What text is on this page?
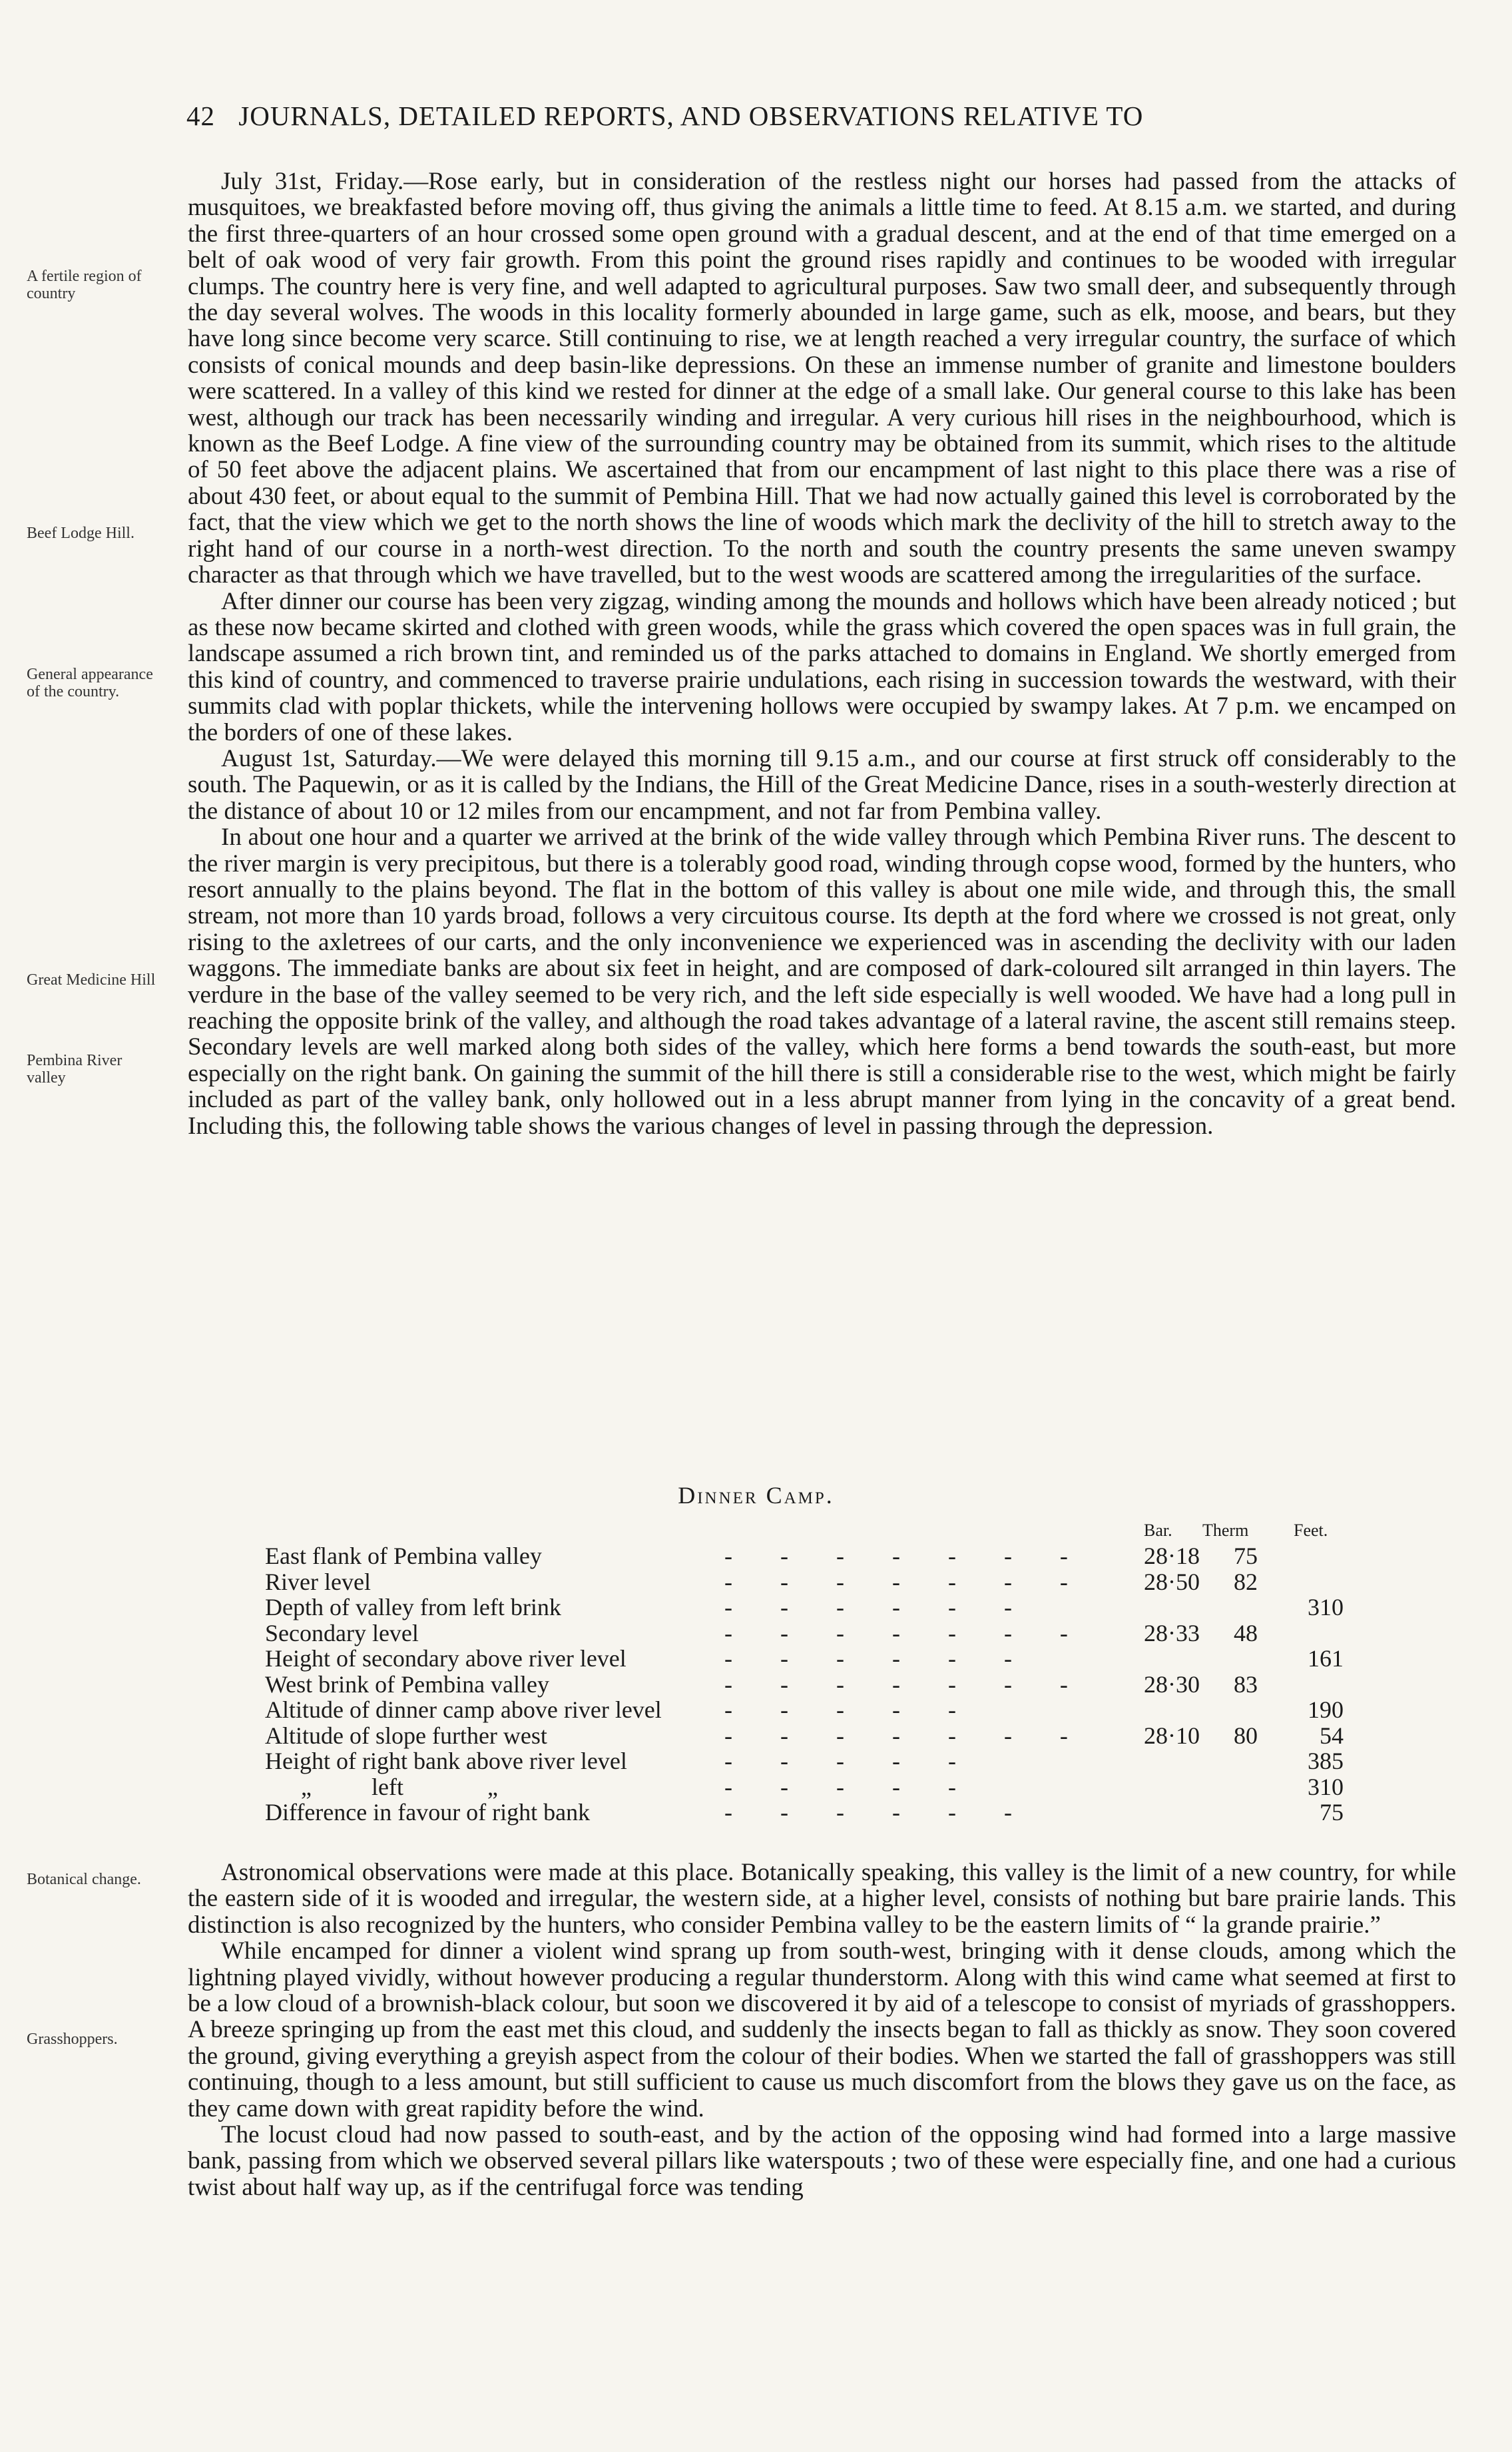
42 JOURNALS, DETAILED REPORTS, AND OBSERVATIONS RELATIVE TO
A fertile region of country
Beef Lodge Hill.
General appearance of the country.
Great Medicine Hill
Pembina River valley
Botanical change.
Grasshoppers.

July 31st, Friday.—Rose early, but in consideration of the restless night our horses had passed from the attacks of musquitoes, we breakfasted before moving off, thus giving the animals a little time to feed. At 8.15 a.m. we started, and during the first three-quarters of an hour crossed some open ground with a gradual descent, and at the end of that time emerged on a belt of oak wood of very fair growth. From this point the ground rises rapidly and continues to be wooded with irregular clumps. The country here is very fine, and well adapted to agricultural purposes. Saw two small deer, and subsequently through the day several wolves. The woods in this locality formerly abounded in large game, such as elk, moose, and bears, but they have long since become very scarce. Still continuing to rise, we at length reached a very irregular country, the surface of which consists of conical mounds and deep basin-like depressions. On these an immense number of granite and limestone boulders were scattered. In a valley of this kind we rested for dinner at the edge of a small lake. Our general course to this lake has been west, although our track has been necessarily winding and irregular. A very curious hill rises in the neighbourhood, which is known as the Beef Lodge. A fine view of the surrounding country may be obtained from its summit, which rises to the altitude of 50 feet above the adjacent plains. We ascertained that from our encampment of last night to this place there was a rise of about 430 feet, or about equal to the summit of Pembina Hill. That we had now actually gained this level is corroborated by the fact, that the view which we get to the north shows the line of woods which mark the declivity of the hill to stretch away to the right hand of our course in a north-west direction. To the north and south the country presents the same uneven swampy character as that through which we have travelled, but to the west woods are scattered among the irregularities of the surface.

After dinner our course has been very zigzag, winding among the mounds and hollows which have been already noticed ; but as these now became skirted and clothed with green woods, while the grass which covered the open spaces was in full grain, the landscape assumed a rich brown tint, and reminded us of the parks attached to domains in England. We shortly emerged from this kind of country, and commenced to traverse prairie undulations, each rising in succession towards the westward, with their summits clad with poplar thickets, while the intervening hollows were occupied by swampy lakes. At 7 p.m. we encamped on the borders of one of these lakes.

August 1st, Saturday.—We were delayed this morning till 9.15 a.m., and our course at first struck off considerably to the south. The Paquewin, or as it is called by the Indians, the Hill of the Great Medicine Dance, rises in a south-westerly direction at the distance of about 10 or 12 miles from our encampment, and not far from Pembina valley.

In about one hour and a quarter we arrived at the brink of the wide valley through which Pembina River runs. The descent to the river margin is very precipitous, but there is a tolerably good road, winding through copse wood, formed by the hunters, who resort annually to the plains beyond. The flat in the bottom of this valley is about one mile wide, and through this, the small stream, not more than 10 yards broad, follows a very circuitous course. Its depth at the ford where we crossed is not great, only rising to the axletrees of our carts, and the only inconvenience we experienced was in ascending the declivity with our laden waggons. The immediate banks are about six feet in height, and are composed of dark-coloured silt arranged in thin layers. The verdure in the base of the valley seemed to be very rich, and the left side especially is well wooded. We have had a long pull in reaching the opposite brink of the valley, and although the road takes advantage of a lateral ravine, the ascent still remains steep. Secondary levels are well marked along both sides of the valley, which here forms a bend towards the south-east, but more especially on the right bank. On gaining the summit of the hill there is still a considerable rise to the west, which might be fairly included as part of the valley bank, only hollowed out in a less abrupt manner from lying in the concavity of a great bend. Including this, the following table shows the various changes of level in passing through the depression.

Dinner Camp.
Bar. Therm	Feet.
East flank of Pembina valley	-        -        -        -        -        -        -	28·18 75
River level	-        -        -        -        -        -        -	28·50 82
Depth of valley from left brink	-        -        -        -        -        -	310
Secondary level	-        -        -        -        -        -        -	28·33 48
Height of secondary above river level	-        -        -        -        -        -	161
West brink of Pembina valley	-        -        -        -        -        -        -	28·30 83
Altitude of dinner camp above river level	-        -        -        -        -	190
Altitude of slope further west	-        -        -        -        -        -        -	28·10 80	54
Height of right bank above river level	-        -        -        -        -	385
„          left              „	-        -        -        -        -	310
Difference in favour of right bank	-        -        -        -        -        -	75

Astronomical observations were made at this place. Botanically speaking, this valley is the limit of a new country, for while the eastern side of it is wooded and irregular, the western side, at a higher level, consists of nothing but bare prairie lands. This distinction is also recognized by the hunters, who consider Pembina valley to be the eastern limits of “ la grande prairie.”

While encamped for dinner a violent wind sprang up from south-west, bringing with it dense clouds, among which the lightning played vividly, without however producing a regular thunderstorm. Along with this wind came what seemed at first to be a low cloud of a brownish-black colour, but soon we discovered it by aid of a telescope to consist of myriads of grasshoppers. A breeze springing up from the east met this cloud, and suddenly the insects began to fall as thickly as snow. They soon covered the ground, giving everything a greyish aspect from the colour of their bodies. When we started the fall of grasshoppers was still continuing, though to a less amount, but still sufficient to cause us much discomfort from the blows they gave us on the face, as they came down with great rapidity before the wind.

The locust cloud had now passed to south-east, and by the action of the opposing wind had formed into a large massive bank, passing from which we observed several pillars like waterspouts ; two of these were especially fine, and one had a curious twist about half way up, as if the centrifugal force was tending
